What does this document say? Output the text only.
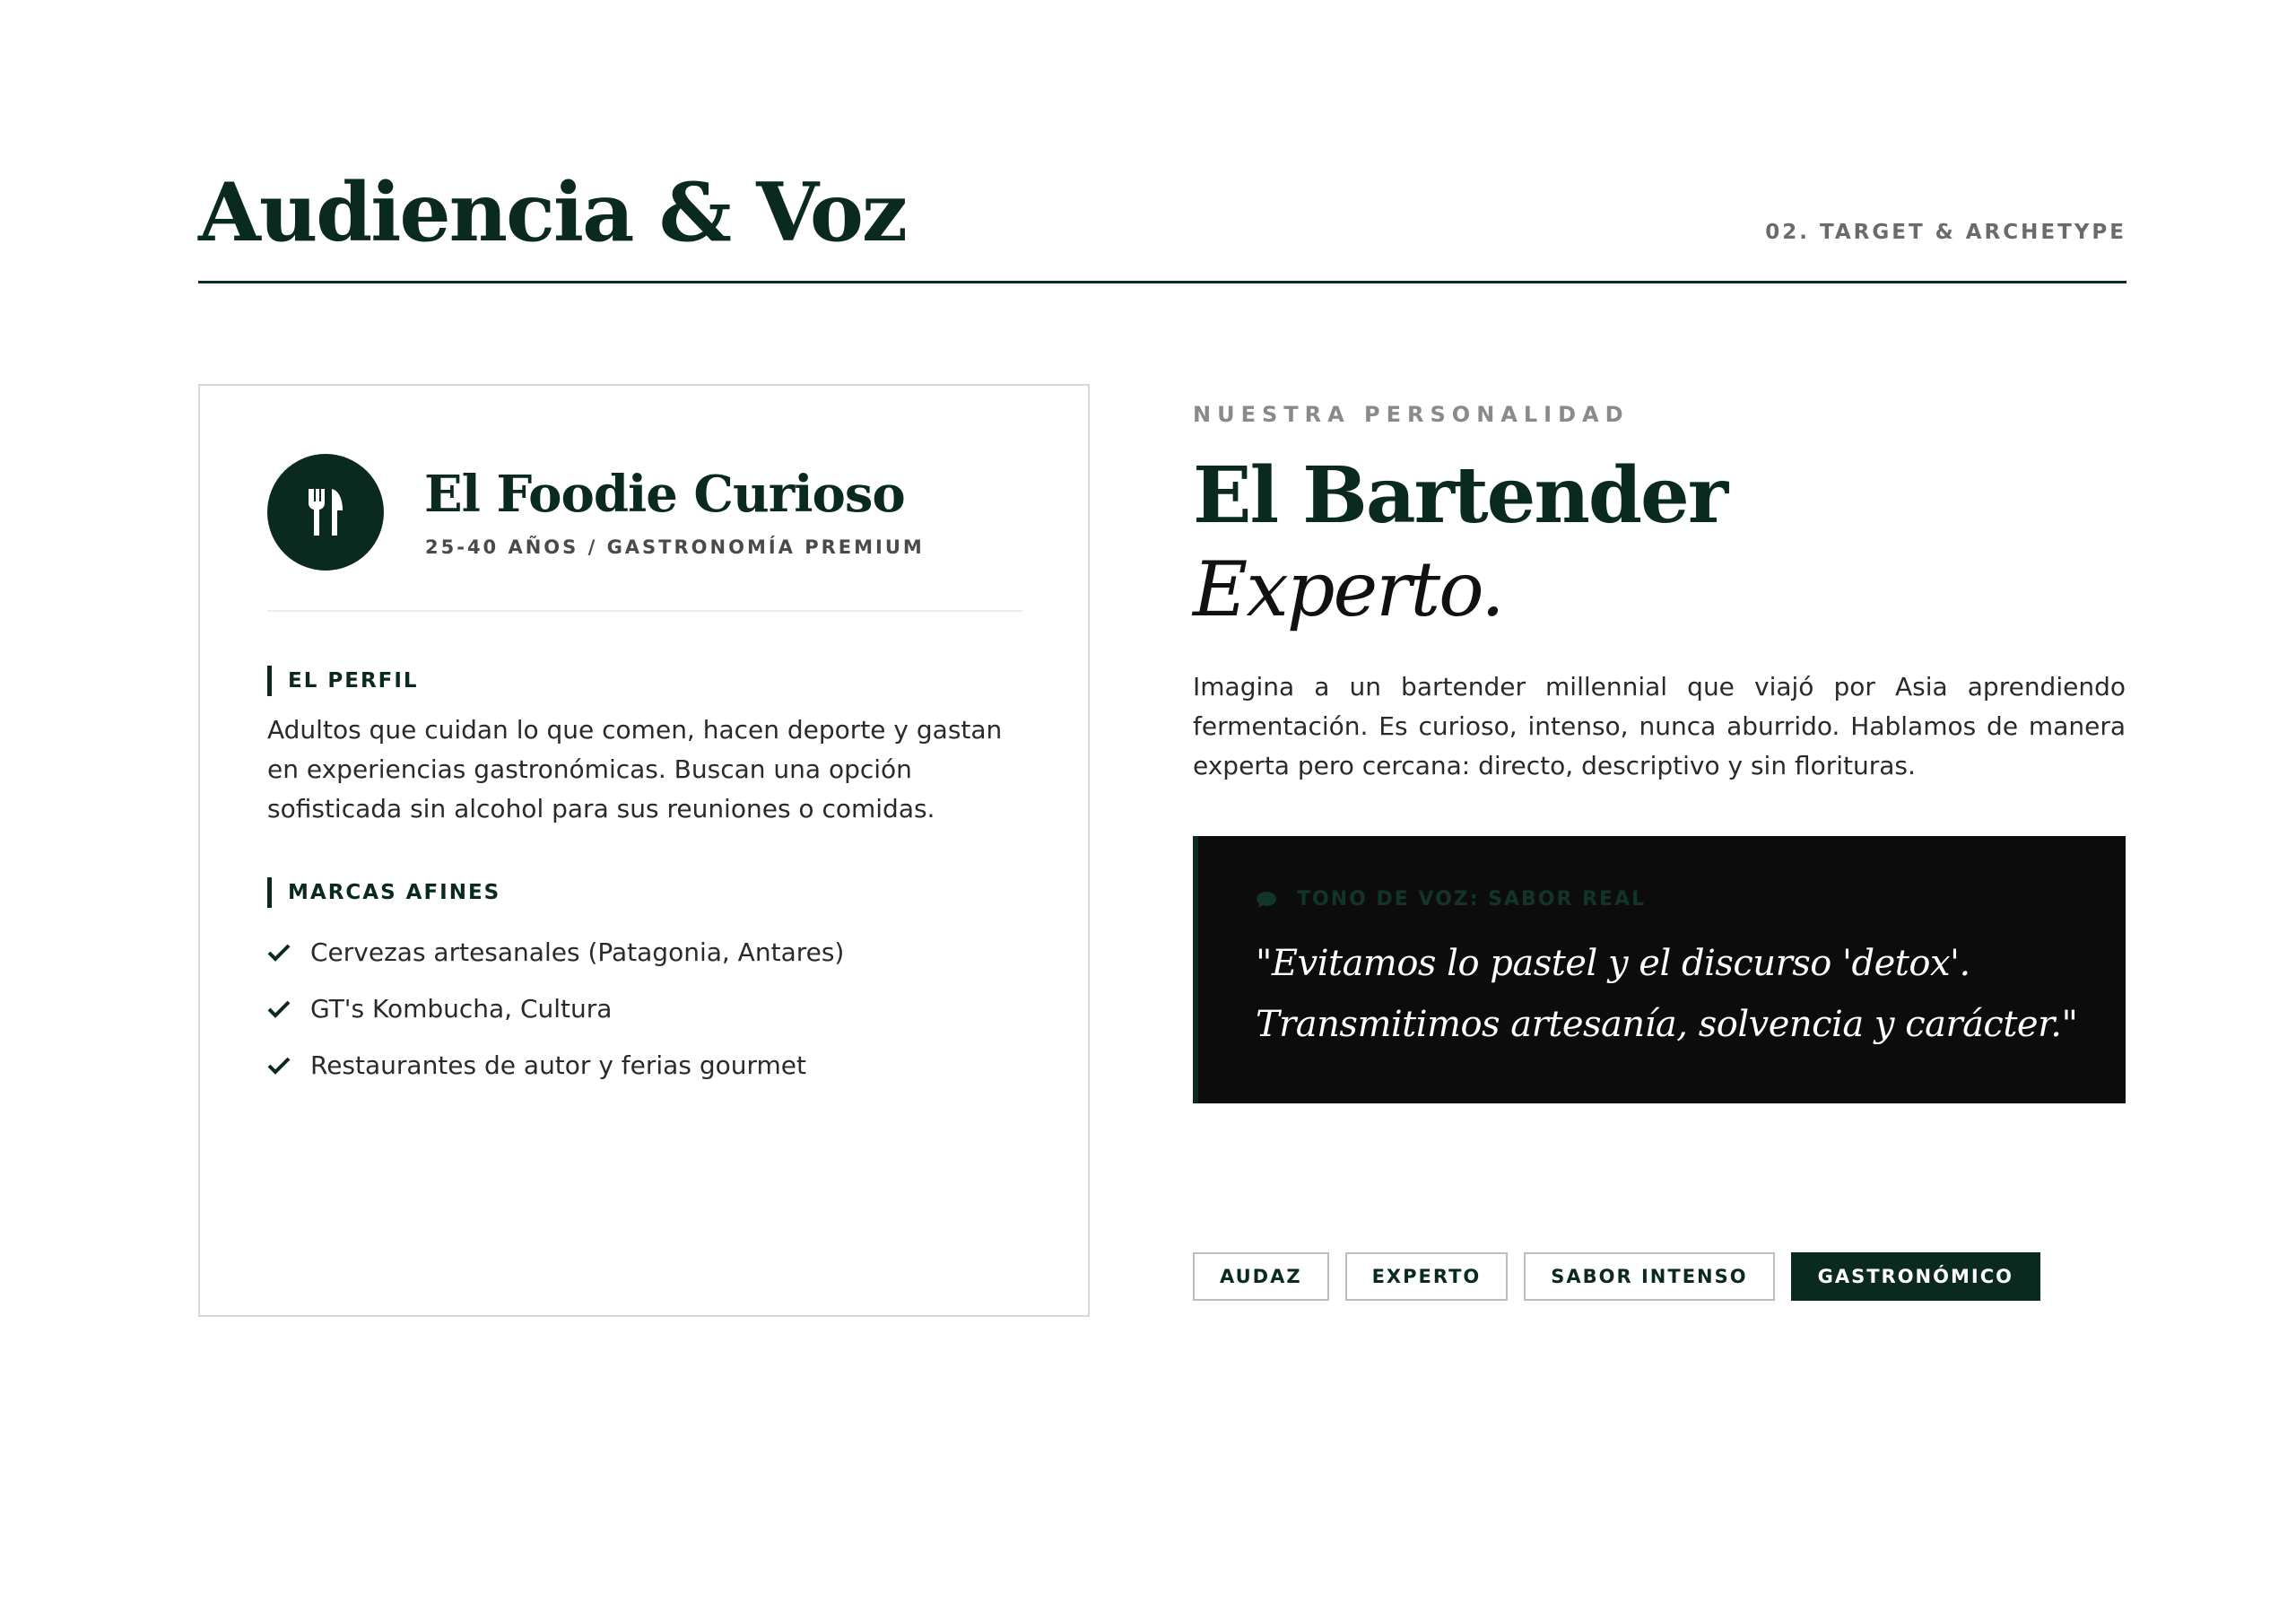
Audiencia & Voz	02. TARGET & ARCHETYPE
El Foodie Curioso
25-40 AÑOS / GASTRONOMÍA PREMIUM
EL PERFIL

Adultos que cuidan lo que comen, hacen deporte y gastan en experiencias gastronómicas. Buscan una opción sofisticada sin alcohol para sus reuniones o comidas.

MARCAS AFINES
Cervezas artesanales (Patagonia, Antares)
GT's Kombucha, Cultura
Restaurantes de autor y ferias gourmet
NUESTRA PERSONALIDAD
El Bartender
Experto.

Imagina a un bartender millennial que viajó por Asia aprendiendo fermentación. Es curioso, intenso, nunca aburrido. Hablamos de manera experta pero cercana: directo, descriptivo y sin florituras.

TONO DE VOZ: SABOR REAL
"Evitamos lo pastel y el discurso 'detox'. Transmitimos artesanía, solvencia y carácter."
AUDAZ	EXPERTO	SABOR INTENSO	GASTRONÓMICO
